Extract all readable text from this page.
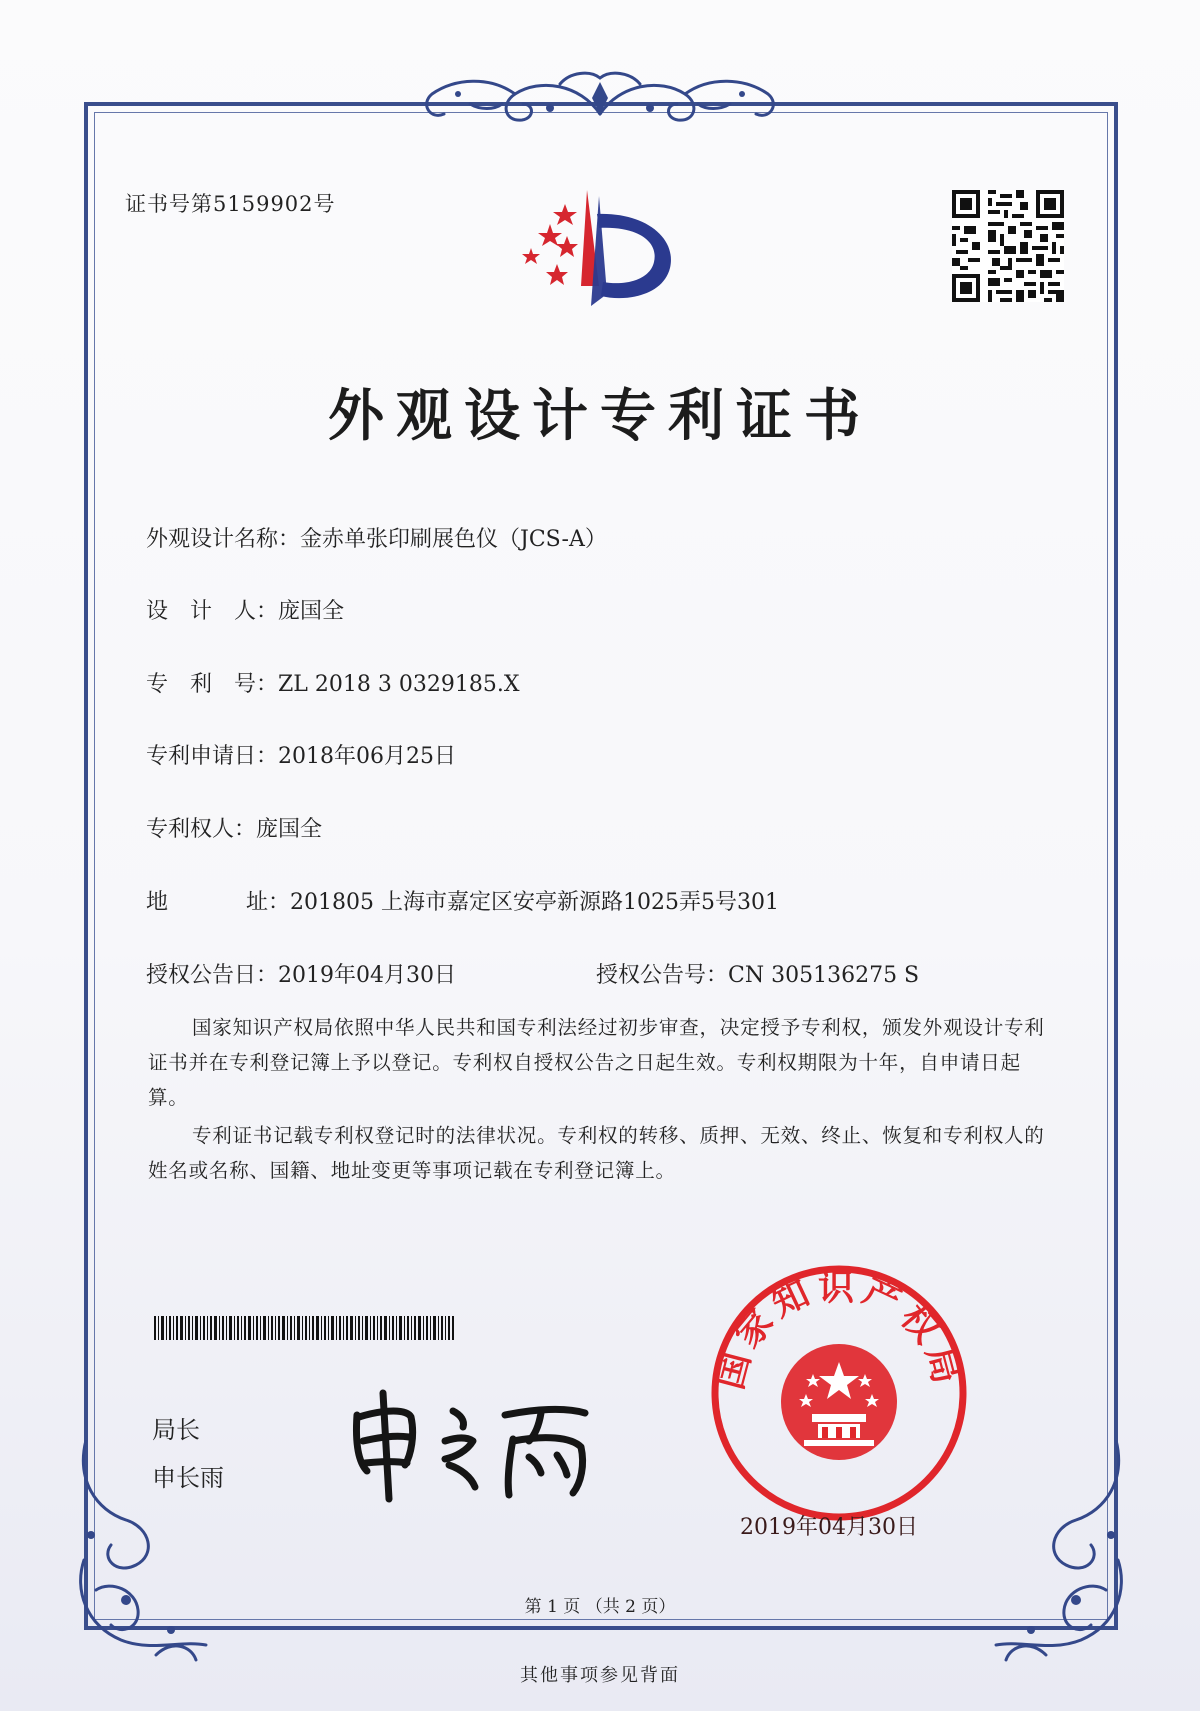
证书号第5159902号
外观设计专利证书
外观设计名称：金赤单张印刷展色仪（JCS-A）
设　计　人：庞国全
专　利　号：ZL 2018 3 0329185.X
专利申请日：2018年06月25日
专利权人：庞国全
地	址：201805 上海市嘉定区安亭新源路1025弄5号301
授权公告日：2019年04月30日	授权公告号：CN 305136275 S
国家知识产权局依照中华人民共和国专利法经过初步审查，决定授予专利权，颁发外观设计专利证书并在专利登记簿上予以登记。专利权自授权公告之日起生效。专利权期限为十年，自申请日起算。
专利证书记载专利权登记时的法律状况。专利权的转移、质押、无效、终止、恢复和专利权人的姓名或名称、国籍、地址变更等事项记载在专利登记簿上。
局长
申长雨
国家知识产权局
2019年04月30日
第 1 页 （共 2 页）
其他事项参见背面
